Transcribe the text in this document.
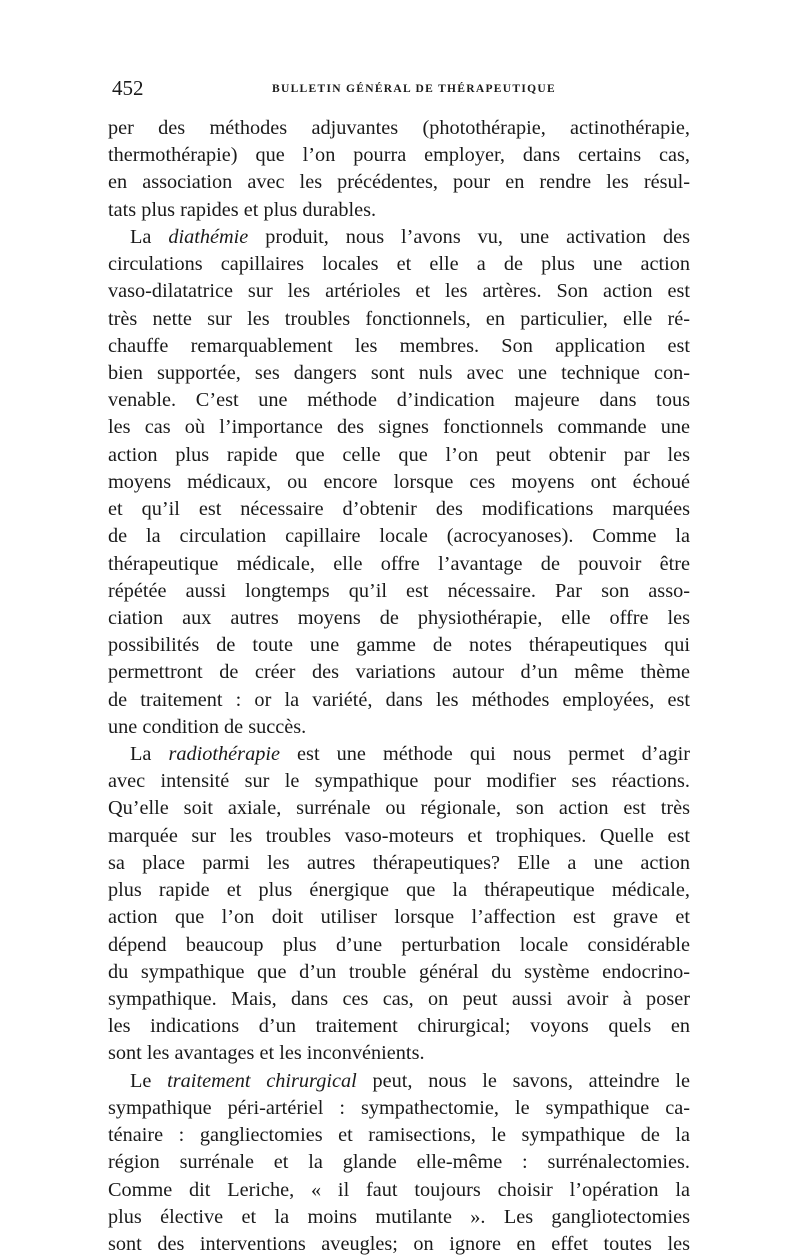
452	BULLETIN GÉNÉRAL DE THÉRAPEUTIQUE
per des méthodes adjuvantes (photothérapie, actinothérapie,
thermothérapie) que l’on pourra employer, dans certains cas,
en association avec les précédentes, pour en rendre les résul-
tats plus rapides et plus durables.
La diathémie produit, nous l’avons vu, une activation des
circulations capillaires locales et elle a de plus une action
vaso-dilatatrice sur les artérioles et les artères. Son action est
très nette sur les troubles fonctionnels, en particulier, elle ré-
chauffe remarquablement les membres. Son application est
bien supportée, ses dangers sont nuls avec une technique con-
venable. C’est une méthode d’indication majeure dans tous
les cas où l’importance des signes fonctionnels commande une
action plus rapide que celle que l’on peut obtenir par les
moyens médicaux, ou encore lorsque ces moyens ont échoué
et qu’il est nécessaire d’obtenir des modifications marquées
de la circulation capillaire locale (acrocyanoses). Comme la
thérapeutique médicale, elle offre l’avantage de pouvoir être
répétée aussi longtemps qu’il est nécessaire. Par son asso-
ciation aux autres moyens de physiothérapie, elle offre les
possibilités de toute une gamme de notes thérapeutiques qui
permettront de créer des variations autour d’un même thème
de traitement : or la variété, dans les méthodes employées, est
une condition de succès.
La radiothérapie est une méthode qui nous permet d’agir
avec intensité sur le sympathique pour modifier ses réactions.
Qu’elle soit axiale, surrénale ou régionale, son action est très
marquée sur les troubles vaso-moteurs et trophiques. Quelle est
sa place parmi les autres thérapeutiques? Elle a une action
plus rapide et plus énergique que la thérapeutique médicale,
action que l’on doit utiliser lorsque l’affection est grave et
dépend beaucoup plus d’une perturbation locale considérable
du sympathique que d’un trouble général du système endocrino-
sympathique. Mais, dans ces cas, on peut aussi avoir à poser
les indications d’un traitement chirurgical; voyons quels en
sont les avantages et les inconvénients.
Le traitement chirurgical peut, nous le savons, atteindre le
sympathique péri-artériel : sympathectomie, le sympathique ca-
ténaire : gangliectomies et ramisections, le sympathique de la
région surrénale et la glande elle-même : surrénalectomies.
Comme dit Leriche, « il faut toujours choisir l’opération la
plus élective et la moins mutilante ». Les gangliotectomies
sont des interventions aveugles; on ignore en effet toutes les
